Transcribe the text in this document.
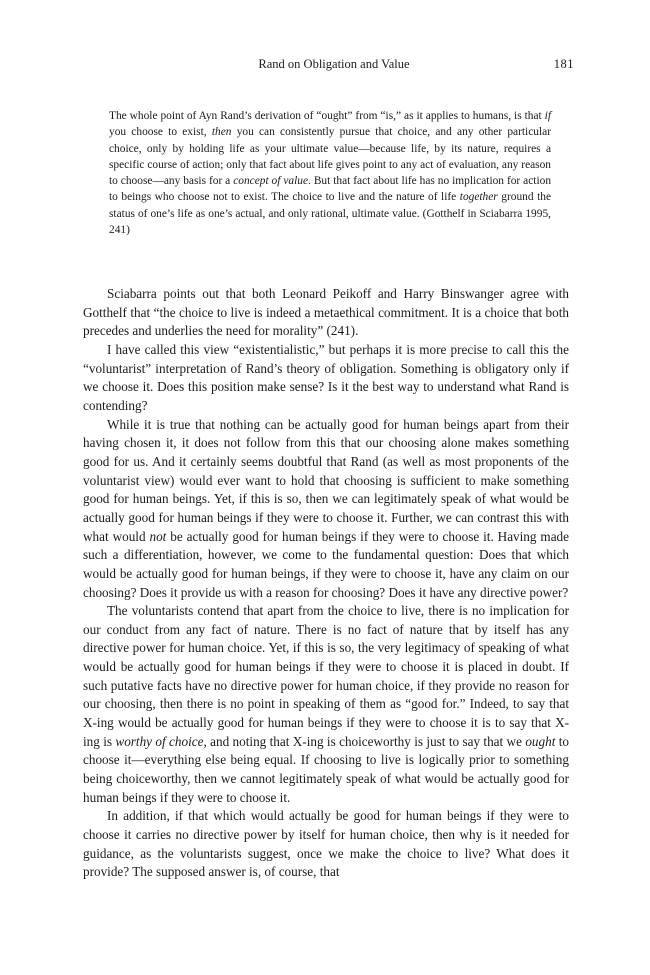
Rand on Obligation and Value	181

The whole point of Ayn Rand’s derivation of “ought” from “is,” as it applies to humans, is that if you choose to exist, then you can consistently pursue that choice, and any other particular choice, only by holding life as your ultimate value—because life, by its nature, requires a specific course of action; only that fact about life gives point to any act of evaluation, any reason to choose—any basis for a concept of value. But that fact about life has no implication for action to beings who choose not to exist. The choice to live and the nature of life together ground the status of one’s life as one’s actual, and only rational, ultimate value. (Gotthelf in Sciabarra 1995, 241)

Sciabarra points out that both Leonard Peikoff and Harry Binswanger agree with Gotthelf that “the choice to live is indeed a metaethical commitment. It is a choice that both precedes and underlies the need for morality” (241).

I have called this view “existentialistic,” but perhaps it is more precise to call this the “voluntarist” interpretation of Rand’s theory of obligation. Something is obligatory only if we choose it. Does this position make sense? Is it the best way to understand what Rand is contending?

While it is true that nothing can be actually good for human beings apart from their having chosen it, it does not follow from this that our choosing alone makes something good for us. And it certainly seems doubtful that Rand (as well as most proponents of the voluntarist view) would ever want to hold that choosing is sufficient to make something good for human beings. Yet, if this is so, then we can legitimately speak of what would be actually good for human beings if they were to choose it. Further, we can contrast this with what would not be actually good for human beings if they were to choose it. Having made such a differentiation, however, we come to the fundamental question: Does that which would be actually good for human beings, if they were to choose it, have any claim on our choosing? Does it provide us with a reason for choosing? Does it have any directive power?

The voluntarists contend that apart from the choice to live, there is no implication for our conduct from any fact of nature. There is no fact of nature that by itself has any directive power for human choice. Yet, if this is so, the very legitimacy of speaking of what would be actually good for human beings if they were to choose it is placed in doubt. If such putative facts have no directive power for human choice, if they provide no reason for our choosing, then there is no point in speaking of them as “good for.” Indeed, to say that X-ing would be actually good for human beings if they were to choose it is to say that X-ing is worthy of choice, and noting that X-ing is choiceworthy is just to say that we ought to choose it—everything else being equal. If choosing to live is logically prior to something being choiceworthy, then we cannot legitimately speak of what would be actually good for human beings if they were to choose it.

In addition, if that which would actually be good for human beings if they were to choose it carries no directive power by itself for human choice, then why is it needed for guidance, as the voluntarists suggest, once we make the choice to live? What does it provide? The supposed answer is, of course, that
